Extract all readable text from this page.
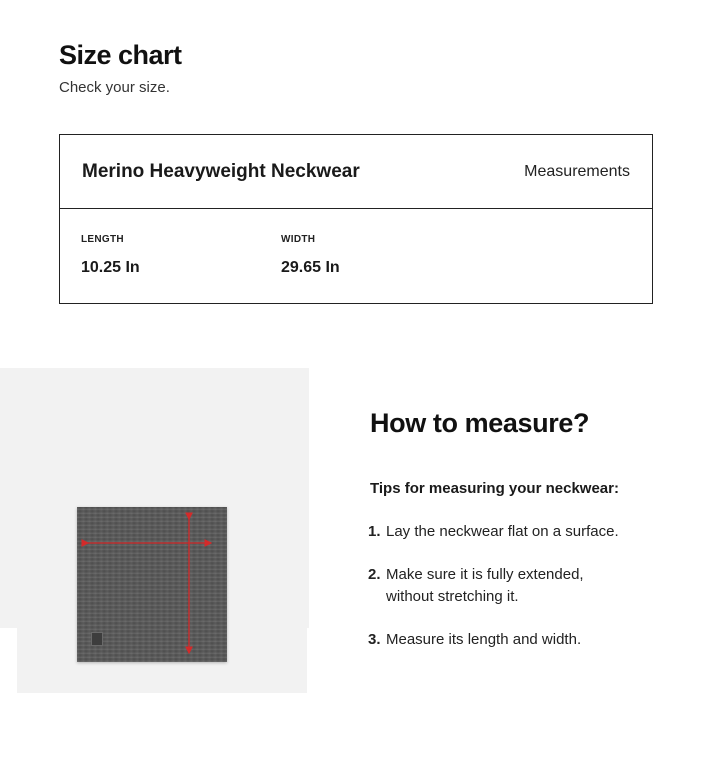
Size chart

Check your size.

Merino Heavyweight Neckwear	Measurements
LENGTH
10.25 In
WIDTH
29.65 In
How to measure?

Tips for measuring your neckwear:

1. Lay the neckwear flat on a surface.
2. Make sure it is fully extended, without stretching it.
3. Measure its length and width.
